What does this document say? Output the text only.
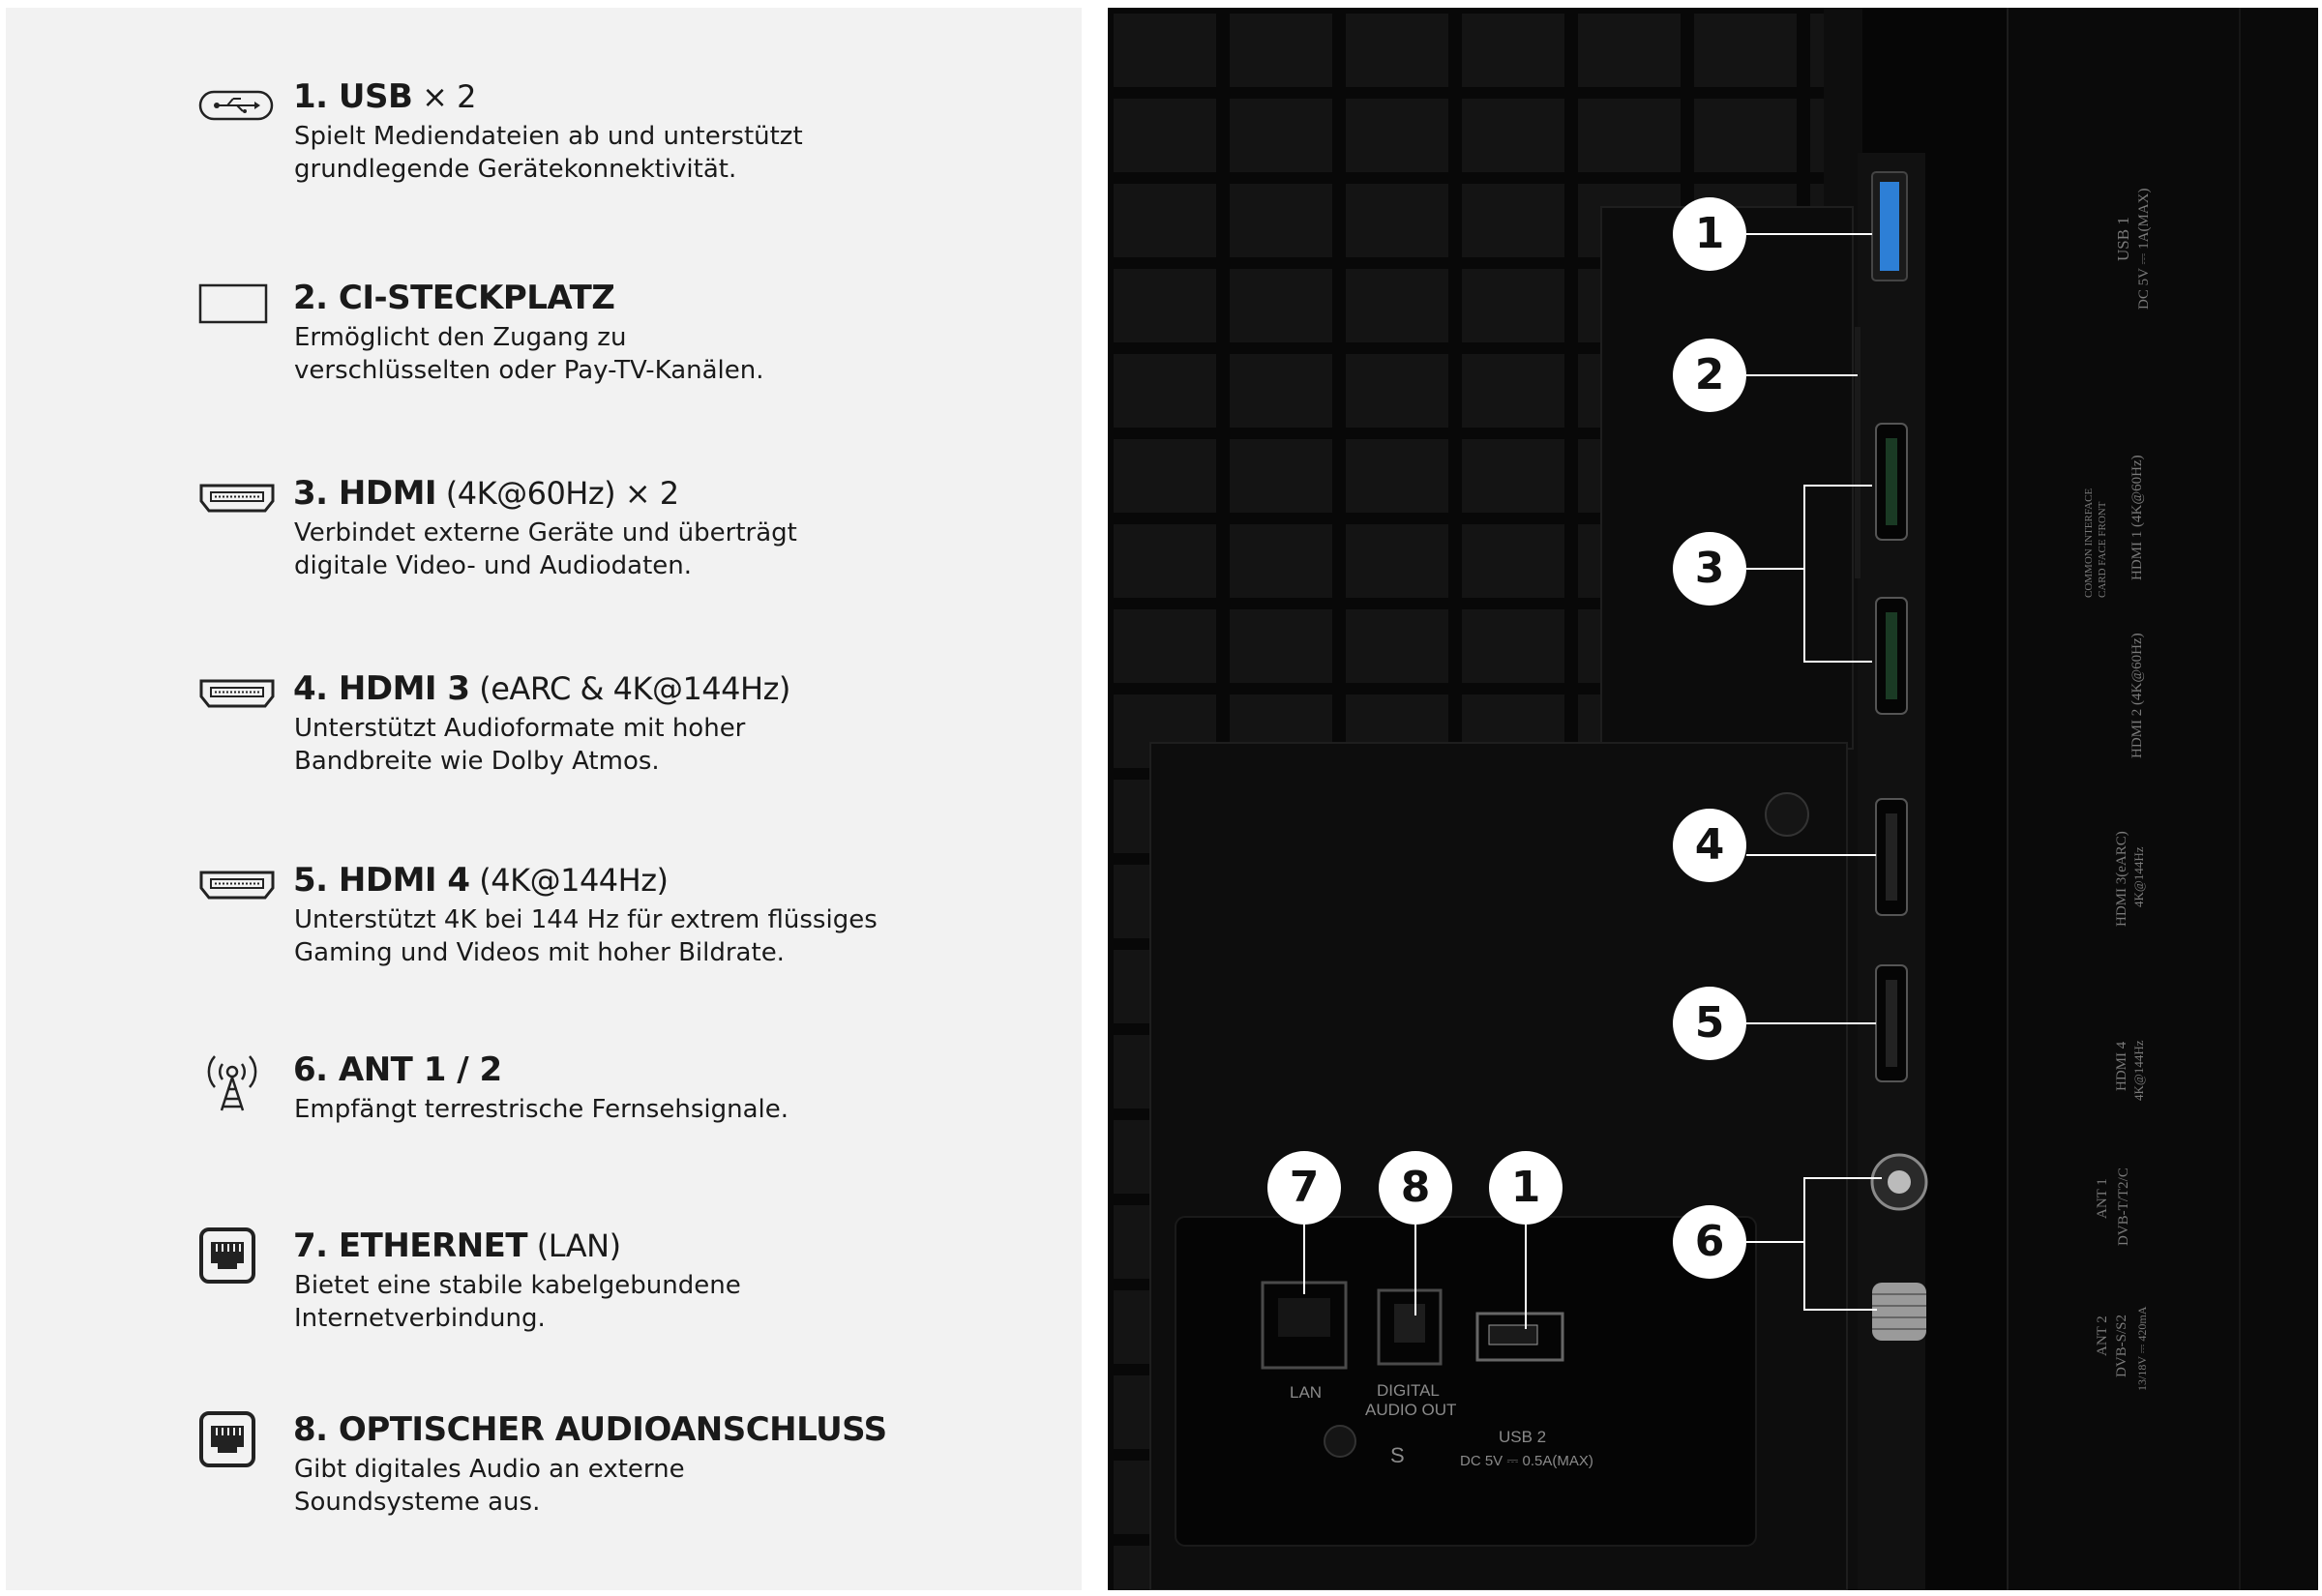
1. USB × 2
Spielt Mediendateien ab und unterstützt
grundlegende Gerätekonnektivität.
2. CI-STECKPLATZ
Ermöglicht den Zugang zu
verschlüsselten oder Pay-TV-Kanälen.
3. HDMI (4K@60Hz) × 2
Verbindet externe Geräte und überträgt
digitale Video- und Audiodaten.
4. HDMI 3 (eARC & 4K@144Hz)
Unterstützt Audioformate mit hoher
Bandbreite wie Dolby Atmos.
5. HDMI 4 (4K@144Hz)
Unterstützt 4K bei 144 Hz für extrem flüssiges
Gaming und Videos mit hoher Bildrate.
6. ANT 1 / 2
Empfängt terrestrische Fernsehsignale.
7. ETHERNET (LAN)
Bietet eine stabile kabelgebundene
Internetverbindung.
8. OPTISCHER AUDIOANSCHLUSS
Gibt digitales Audio an externe
Soundsysteme aus.
1
2
3
4
5
6
7	8	1
LAN	DIGITAL
AUDIO OUT
USB 2
DC 5V ⎓ 0.5A(MAX)
S
USB 1 DC 5V ⎓ 1A(MAX)
COMMON INTERFACE CARD FACE FRONT HDMI 1 (4K@60Hz)
HDMI 2 (4K@60Hz)
HDMI 3(eARC) 4K@144Hz
HDMI 4 4K@144Hz
ANT 1 DVB-T/T2/C
ANT 2 DVB-S/S2 13/18V ⎓ 420mA
